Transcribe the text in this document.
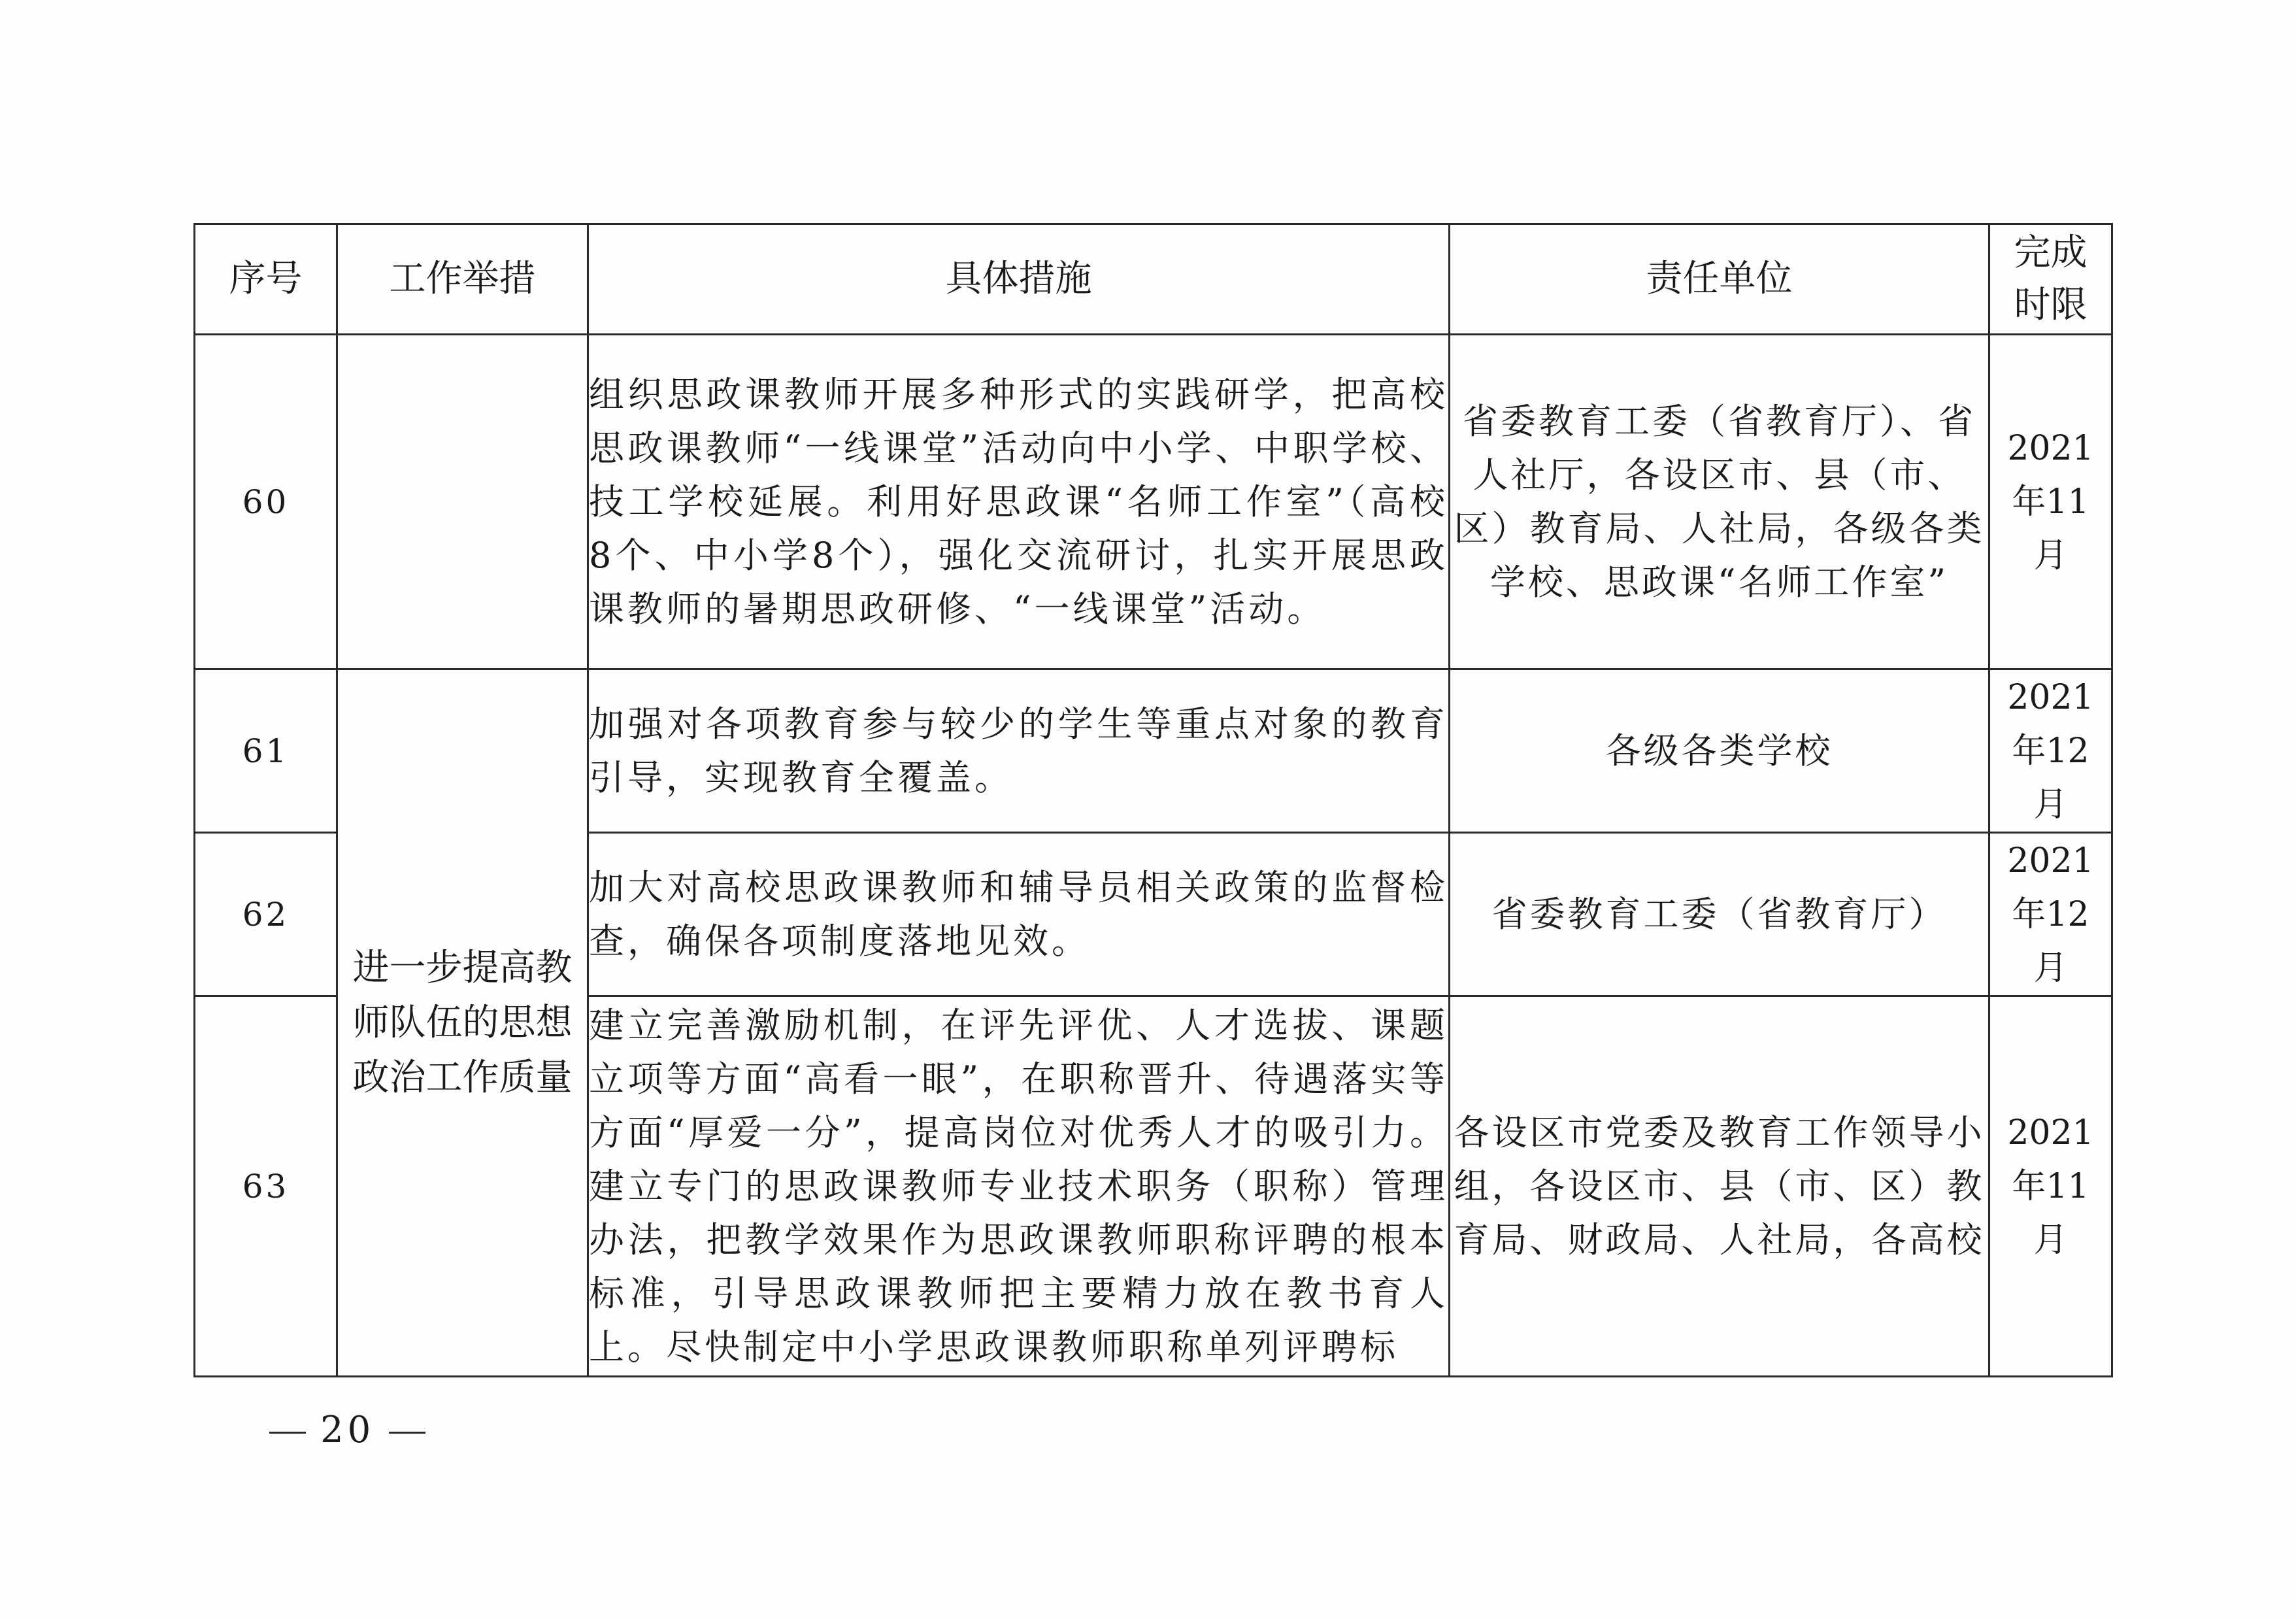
序号	工作举措	具体措施	责任单位	完成
时限

60		组织思政课教师开展多种形式的实践研学，把高校思政课教师“一线课堂”活动向中小学、中职学校、技工学校延展。利用好思政课“名师工作室”（高校8个、中小学8个），强化交流研讨，扎实开展思政课教师的暑期思政研修、“一线课堂”活动。	省委教育工委（省教育厅）、省人社厅，各设区市、县（市、区）教育局、人社局，各级各类学校、思政课“名师工作室”	2021
年11
月

61	进一步提高教师队伍的思想政治工作质量	加强对各项教育参与较少的学生等重点对象的教育引导，实现教育全覆盖。	各级各类学校	2021
年12
月

62		加大对高校思政课教师和辅导员相关政策的监督检查，确保各项制度落地见效。	省委教育工委（省教育厅）	2021
年12
月

63		建立完善激励机制，在评先评优、人才选拔、课题立项等方面“高看一眼”，在职称晋升、待遇落实等方面“厚爱一分”，提高岗位对优秀人才的吸引力。建立专门的思政课教师专业技术职务（职称）管理办法，把教学效果作为思政课教师职称评聘的根本标准，引导思政课教师把主要精力放在教书育人上。尽快制定中小学思政课教师职称单列评聘标	各设区市党委及教育工作领导小组，各设区市、县（市、区）教育局、财政局、人社局，各高校	2021
年11
月
20
